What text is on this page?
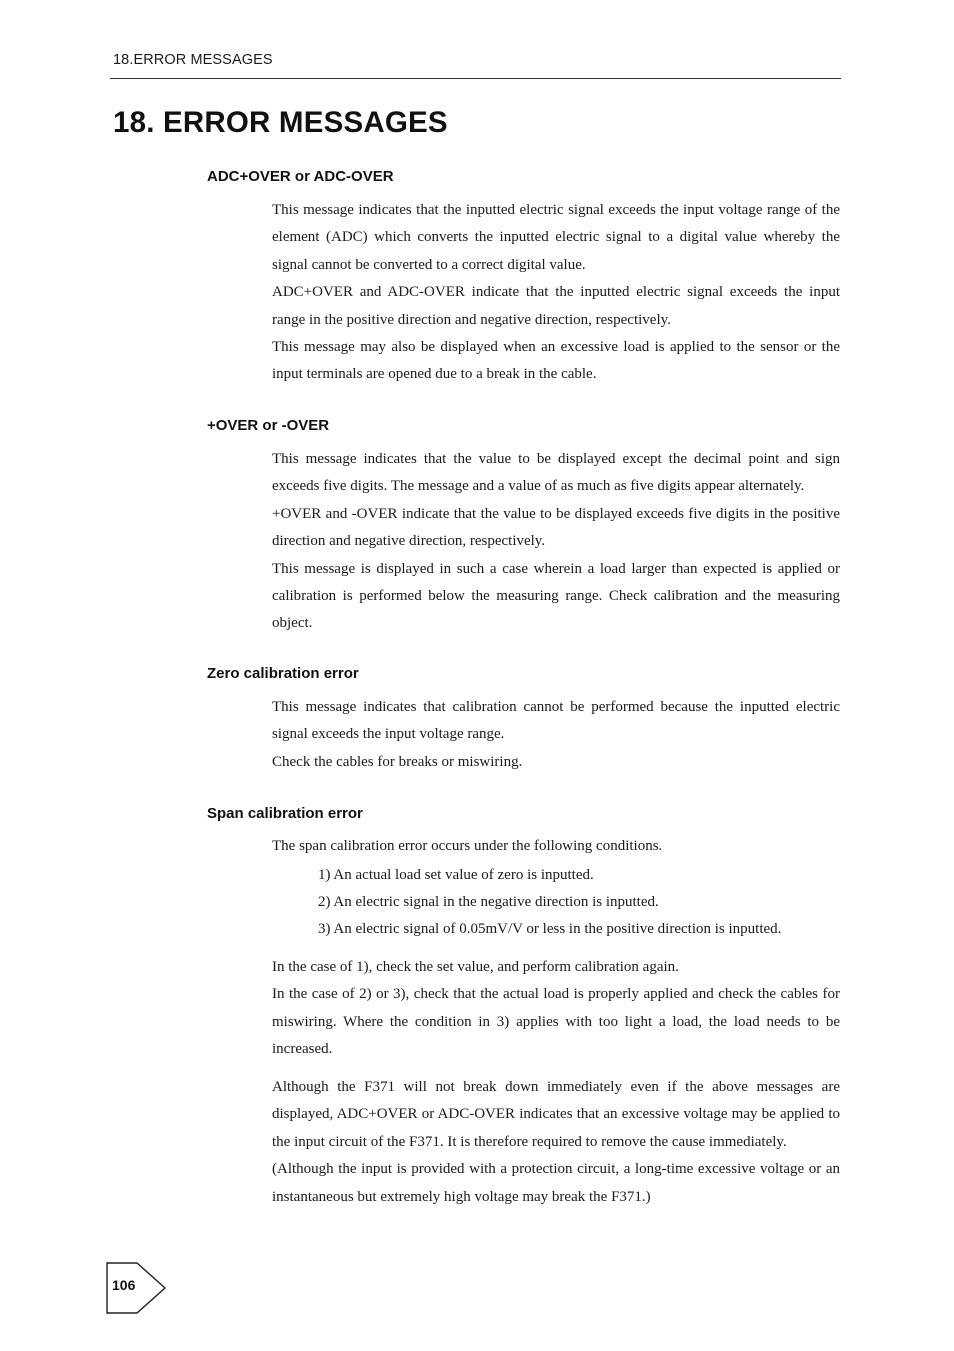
18.ERROR MESSAGES
18. ERROR MESSAGES
ADC+OVER or ADC-OVER

This message indicates that the inputted electric signal exceeds the input voltage range of the element (ADC) which converts the inputted electric signal to a digital value whereby the signal cannot be converted to a correct digital value.

ADC+OVER and ADC-OVER indicate that the inputted electric signal exceeds the input range in the positive direction and negative direction, respectively.

This message may also be displayed when an excessive load is applied to the sensor or the input terminals are opened due to a break in the cable.

+OVER or -OVER

This message indicates that the value to be displayed except the decimal point and sign exceeds five digits. The message and a value of as much as five digits appear alternately.

+OVER and -OVER indicate that the value to be displayed exceeds five digits in the positive direction and negative direction, respectively.

This message is displayed in such a case wherein a load larger than expected is applied or calibration is performed below the measuring range. Check calibration and the measuring object.

Zero calibration error

This message indicates that calibration cannot be performed because the inputted electric signal exceeds the input voltage range.

Check the cables for breaks or miswiring.

Span calibration error

The span calibration error occurs under the following conditions.

1) An actual load set value of zero is inputted.
2) An electric signal in the negative direction is inputted.
3) An electric signal of 0.05mV/V or less in the positive direction is inputted.

In the case of 1), check the set value, and perform calibration again.

In the case of 2) or 3), check that the actual load is properly applied and check the cables for miswiring. Where the condition in 3) applies with too light a load, the load needs to be increased.

Although the F371 will not break down immediately even if the above messages are displayed, ADC+OVER or ADC-OVER indicates that an excessive voltage may be applied to the input circuit of the F371. It is therefore required to remove the cause immediately.

(Although the input is provided with a protection circuit, a long-time excessive voltage or an instantaneous but extremely high voltage may break the F371.)

106
